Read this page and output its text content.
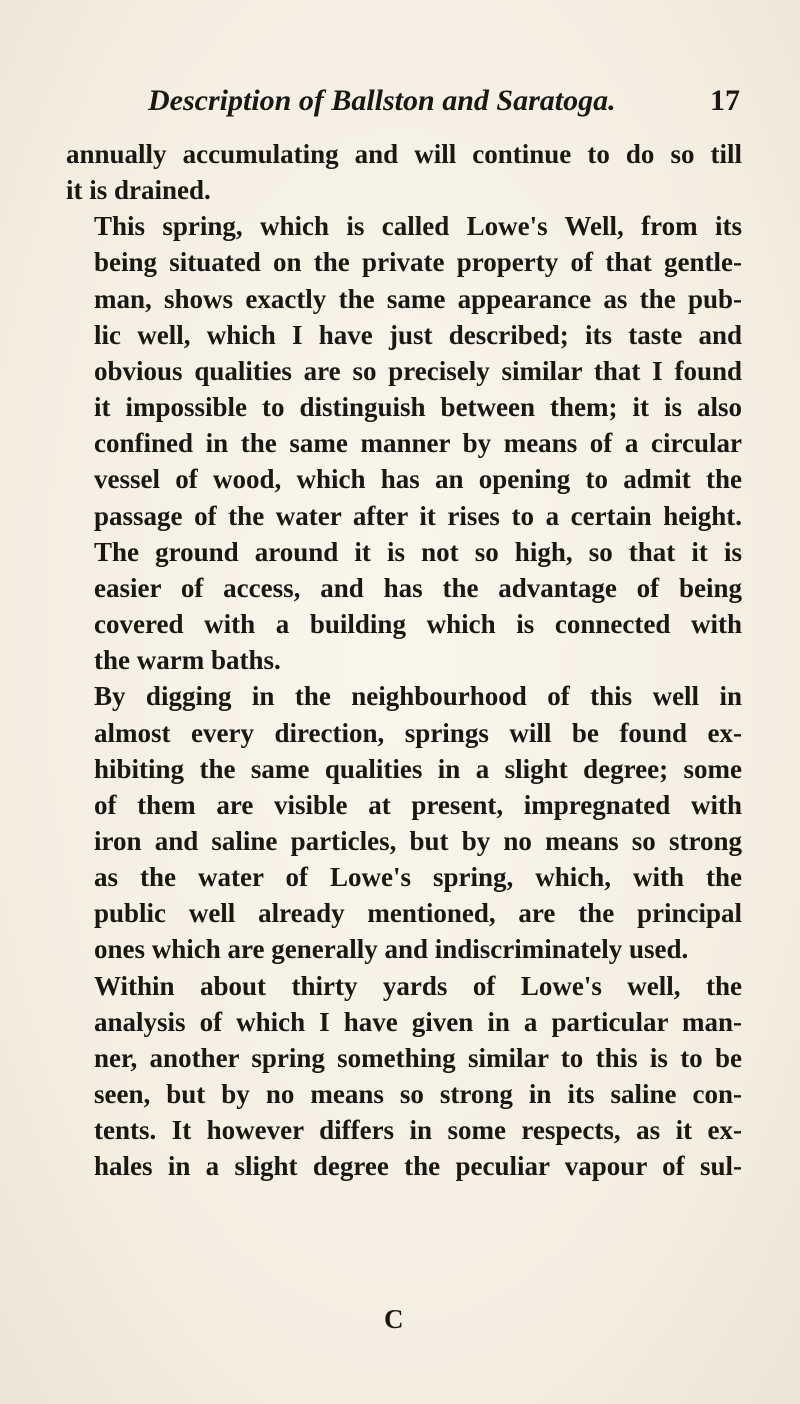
Description of Ballston and Saratoga.	17

annually accumulating and will continue to do so till
it is drained.

This spring, which is called Lowe's Well, from its
being situated on the private property of that gentle-
man, shows exactly the same appearance as the pub-
lic well, which I have just described; its taste and
obvious qualities are so precisely similar that I found
it impossible to distinguish between them; it is also
confined in the same manner by means of a circular
vessel of wood, which has an opening to admit the
passage of the water after it rises to a certain height.
The ground around it is not so high, so that it is
easier of access, and has the advantage of being
covered with a building which is connected with
the warm baths.

By digging in the neighbourhood of this well in
almost every direction, springs will be found ex-
hibiting the same qualities in a slight degree; some
of them are visible at present, impregnated with
iron and saline particles, but by no means so strong
as the water of Lowe's spring, which, with the
public well already mentioned, are the principal
ones which are generally and indiscriminately used.

Within about thirty yards of Lowe's well, the
analysis of which I have given in a particular man-
ner, another spring something similar to this is to be
seen, but by no means so strong in its saline con-
tents. It however differs in some respects, as it ex-
hales in a slight degree the peculiar vapour of sul-

C
